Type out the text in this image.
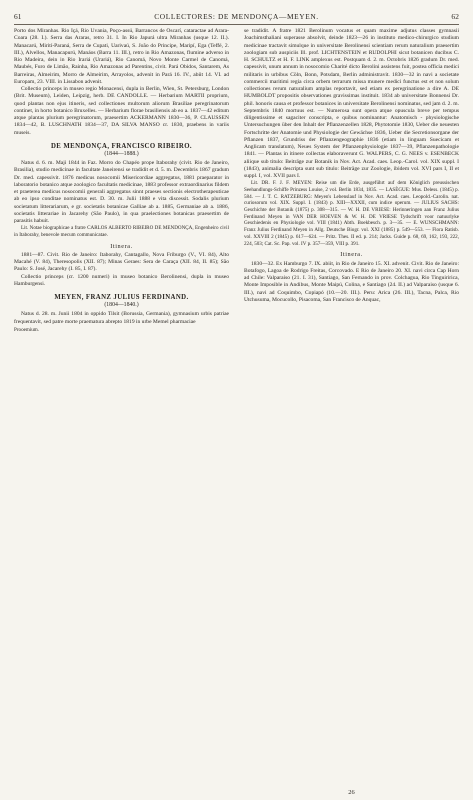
61	COLLECTORES: DE MENDONÇA—MEYEN.	62

Porto dos Miranhas. Rio Içá, Rio Uvania, Poço-assú, Barrancos de Oscarí, cataractae ad Arara-Coara (28. I.). Serra das Araras, retro 31. I. In Rio Japurá ultra Miranhas (usque 12. II.). Manacarú, Mirití-Paraná, Serra de Cupati, Uarivaú, S. João do Principe, Maripí, Ega (Teffé, 2. III.), Alvellos, Manacapurú, Manáos (Barra 11. III.), retro in Rio Amazonas, flumine adverso in Rio Madeira, dein in Rio Irariá (Urariá), Rio Canomá, Novo Monte Carmel de Canomá, Maubés, Furo de Limão, Rainha, Rio Amazonas ad Parentins, civit. Pará Obidos, Santarem, As Barreiras, Almeirim, Morro de Almeirim, Arrayolos, advenit in Pará 16. IV., abiit 14. VI. ad Europam, 23. VIII. in Lissabon advenit.

Collectio princeps in museo regio Monacensi, dupla in Berlin, Wien, St. Petersburg, London (Brit. Museum), Leiden, Leipzig, herb. DE CANDOLLE. — Herbarium MARTII proprium, quod plantas non ejus itineris, sed collectiones multorum aliorum Brasiliae peregrinatorum continet, in horto botanico Bruxelles. — Herbarium florae brasiliensis ab eo a. 1837—42 editum atque plantas plurium peregrinatorum, praesertim ACKERMANN 1830—36, P. CLAUSSEN 1834—42, B. LUSCHNATH 1834—37, DA SILVA MANSO cr. 1830, praebens in variis museis.

DE MENDONÇA, FRANCISCO RIBEIRO.

(1844—1888.)

Natus d. 6. m. Maji 1844 in Faz. Morro do Chapéo prope Itaborahy (civit. Rio de Janeiro, Brasilia), studio medicinae in facultate Janeirensi se tradidit et d. 5. m. Decembris 1867 gradum Dr. med. capessivit. 1876 medicus nosocomii Misericordiae aggregatus, 1881 praeparator in laboratorio botanico atque zoologico facultatis medicinae, 1883 professor extraordinarius fildem et praeterea medicus nosocomii generali aggregatus sinnt praeses sectionis electrotherapeuticae ab eo ipso conditae nominatus est. D. 30. m. Julii 1888 e vita discessit. Sodalis plurium societatum litterariarum, e gr. societatis botanicae Galliae ab a. 1885, Germaniae ab a. 1886, societatis litterariae in Jacarehy (São Paulo), in qua praelectiones botanicas praesertim de parasitis habuit.

Lit. Notae biographicae a fratre CARLOS ALBERTO RIBEIRO DE MENDONÇA, Engenheiro civil in Itaborahy, benevole mecum communicatae.

Itinera.

1881—87. Civit. Rio de Janeiro: Itaborahy, Cantagallo, Nova Friburgo (V., VI. 84), Alto Macahé (V. 84), Theresopolis (XII. 87); Minas Geraes: Sera de Caraça (XII. 84, II. 85); São Paulo: S. José, Jacarehy (I. 85, I. 87).

Collectio princeps (cr. 1200 numeri) in museo botanico Berolinensi, dupla in museo Hamburgensi.

MEYEN, FRANZ JULIUS FERDINAND.

(1804—1840.)

Natus d. 28. m. Junii 1804 in oppido Tilsit (Borussia, Germania), gymnasium urbis patriae frequentavit, sed patre morte praematura abrepto 1819 in urbe Memel pharmaciae

Prooemium.

se tradidit. A fratre 1821 Berolinum vocatus et quam maxime adjutus classes gymnasii Joachimsthaliani superasse absolvit, deinde 1823—26 in instituto medico-chirurgico studium medicinae tractavit simulque in universitate Berolinensi scientiam rerum naturalium praesertim zoologiam sub auspiciis Ill. prof. LICHTENSTEIN et RUDOLPHI sicut botanicen ducibus C. H. SCHULTZ et H. F. LINK amplexus est. Postquam d. 2. m. Octobris 1826 gradum Dr. med. capessivit, unum annum in nosocomio Charité dicto Berolini assistens fuit, postea officia medici militaris in urbibus Cöln, Bonn, Potsdam, Berlin administravit. 1830—32 in navi a societate commercii maritimi regia circa orbem terrarum missa munere medici functus est et non solum collectiones rerum naturalium amplas reportavit, sed etiam ex peregrinatione a dire A. DE HUMBOLDT propositis observationes gravissimas instituit. 1834 ab universitate Bonnensi Dr. phil. honoris causa et professor botanices in universitate Berolinensi nominatus, sed jam d. 2. m. Septembris 1840 mortuus est. — Numerosa sunt opera atque opuscula breve per tempus diligentissime et sagaciter conscripta, e quibus nominantur: Anatomisch - physiologische Untersuchungen über den Inhalt der Pflanzenzellen 1828, Phytotomie 1830, Ueber die neuesten Fortschritte der Anatomie und Physiologie der Gewächse 1836, Ueber die Secretionsorgane der Pflanzen 1837, Grundriss der Pflanzengeographie 1836 (etiam in linguam Suecicam et Anglicam translatum), Neues System der Pflanzenphysiologie 1837—39, Pflanzenpathologie 1841. — Plantas in itinere collectas elaboraverunt G. WALPERS, C. G. NEES v. ESENBECK aliique sub titulo: Beiträge zur Botanik in Nov. Act. Acad. caes. Leop.-Carol. vol. XIX suppl. I (1843), animalia descripta sunt sub titulo: Beiträge zur Zoologie, ibidem vol. XVI pars I, II et suppl. I, vol. XVII pars I.

Lit. DR. F. J. F. MEYEN: Reise um die Erde, ausgeführt auf dem Königlich preussischen Seehandlungs-Schiffe Prinzess Louise, 2 vol. Berlin 1834, 1835. — LASÈGUE: Mus. Deless. (1845) p. 584. — J. T. C. RATZEBURG: Meyen's Lebenslauf in Nov. Act. Acad. caes. Leopold.-Carolin. nat. curiosorum vol. XIX. Suppl. I. (1843) p. XIII—XXXII, cum indice operum. — JULIUS SACHS: Geschichte der Botanik (1875) p. 308—315. — W. H. DE VRIESE: Herinneringen aan Franz Julius Ferdinand Meyen in VAN DER HOEVEN & W. H. DE VRIESE Tydschrift voor natuurlyke Geschiedenis en Physiologie vol. VIII (1841) Abth. Boekbesch. p. 3—35. — E. WUNSCHMANN: Franz Julius Ferdinand Meyen in Allg. Deutsche Biogr. vol. XXI (1885) p. 549—553. — Flora Ratisb. vol. XXVIII 2 (1845) p. 617—624. — Pritz. Thes. II ed. p. 214; Jacks. Guide p. 68, 69, 162, 193, 222, 224, 503; Cat. Sc. Pap. vol. IV p. 357—359, VIII p. 391.

Itinera.

1830—32. Ex Hamburgo 7. IX. abiit, in Rio de Janeiro 15. XI. advenit. Civit. Rio de Janeiro: Botafogo, Lagoa de Rodrigo Freitas, Corcovado. E Rio de Janeiro 20. XI. navi circa Cap Horn ad Chile: Valparaiso (21. I. 31), Santiago, San Fernando in prov. Colchagua, Rio Tinguiririca, Monte Imposible in Andibus, Monte Maipú, Colina, e Santiago (24. II.) ad Valparaiso (usque 6. III.), navi ad Coquimbo, Copiapó (10.—20. III.). Peru: Arica (26. III.), Tacna, Palca, Rio Utchusuma, Mocucollo, Pisacoma, San Francisco de Anquac,

26
